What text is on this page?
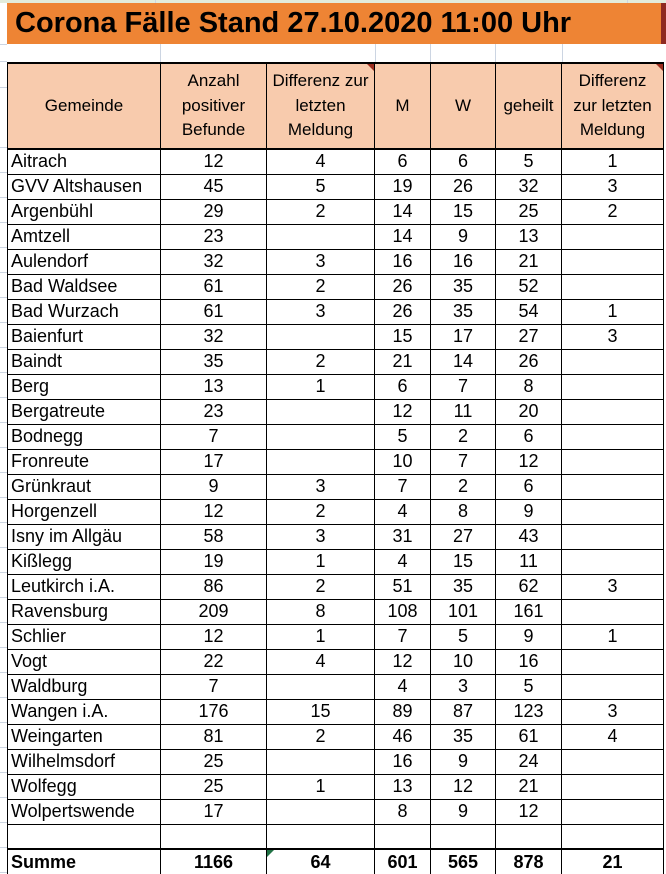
Corona Fälle Stand 27.10.2020 11:00 Uhr
Gemeinde	Anzahl positiver Befunde	Differenz zur letzten Meldung	M	W	geheilt	Differenz zur letzten Meldung

Aitrach	12	4	6	6	5	1
GVV Altshausen	45	5	19	26	32	3
Argenbühl	29	2	14	15	25	2
Amtzell	23		14	9	13	
Aulendorf	32	3	16	16	21	
Bad Waldsee	61	2	26	35	52	
Bad Wurzach	61	3	26	35	54	1
Baienfurt	32		15	17	27	3
Baindt	35	2	21	14	26	
Berg	13	1	6	7	8	
Bergatreute	23		12	11	20	
Bodnegg	7		5	2	6	
Fronreute	17		10	7	12	
Grünkraut	9	3	7	2	6	
Horgenzell	12	2	4	8	9	
Isny im Allgäu	58	3	31	27	43	
Kißlegg	19	1	4	15	11	
Leutkirch i.A.	86	2	51	35	62	3
Ravensburg	209	8	108	101	161	
Schlier	12	1	7	5	9	1
Vogt	22	4	12	10	16	
Waldburg	7		4	3	5	
Wangen i.A.	176	15	89	87	123	3
Weingarten	81	2	46	35	61	4
Wilhelmsdorf	25		16	9	24	
Wolfegg	25	1	13	12	21	
Wolpertswende	17		8	9	12	

Summe	1166	64	601	565	878	21
